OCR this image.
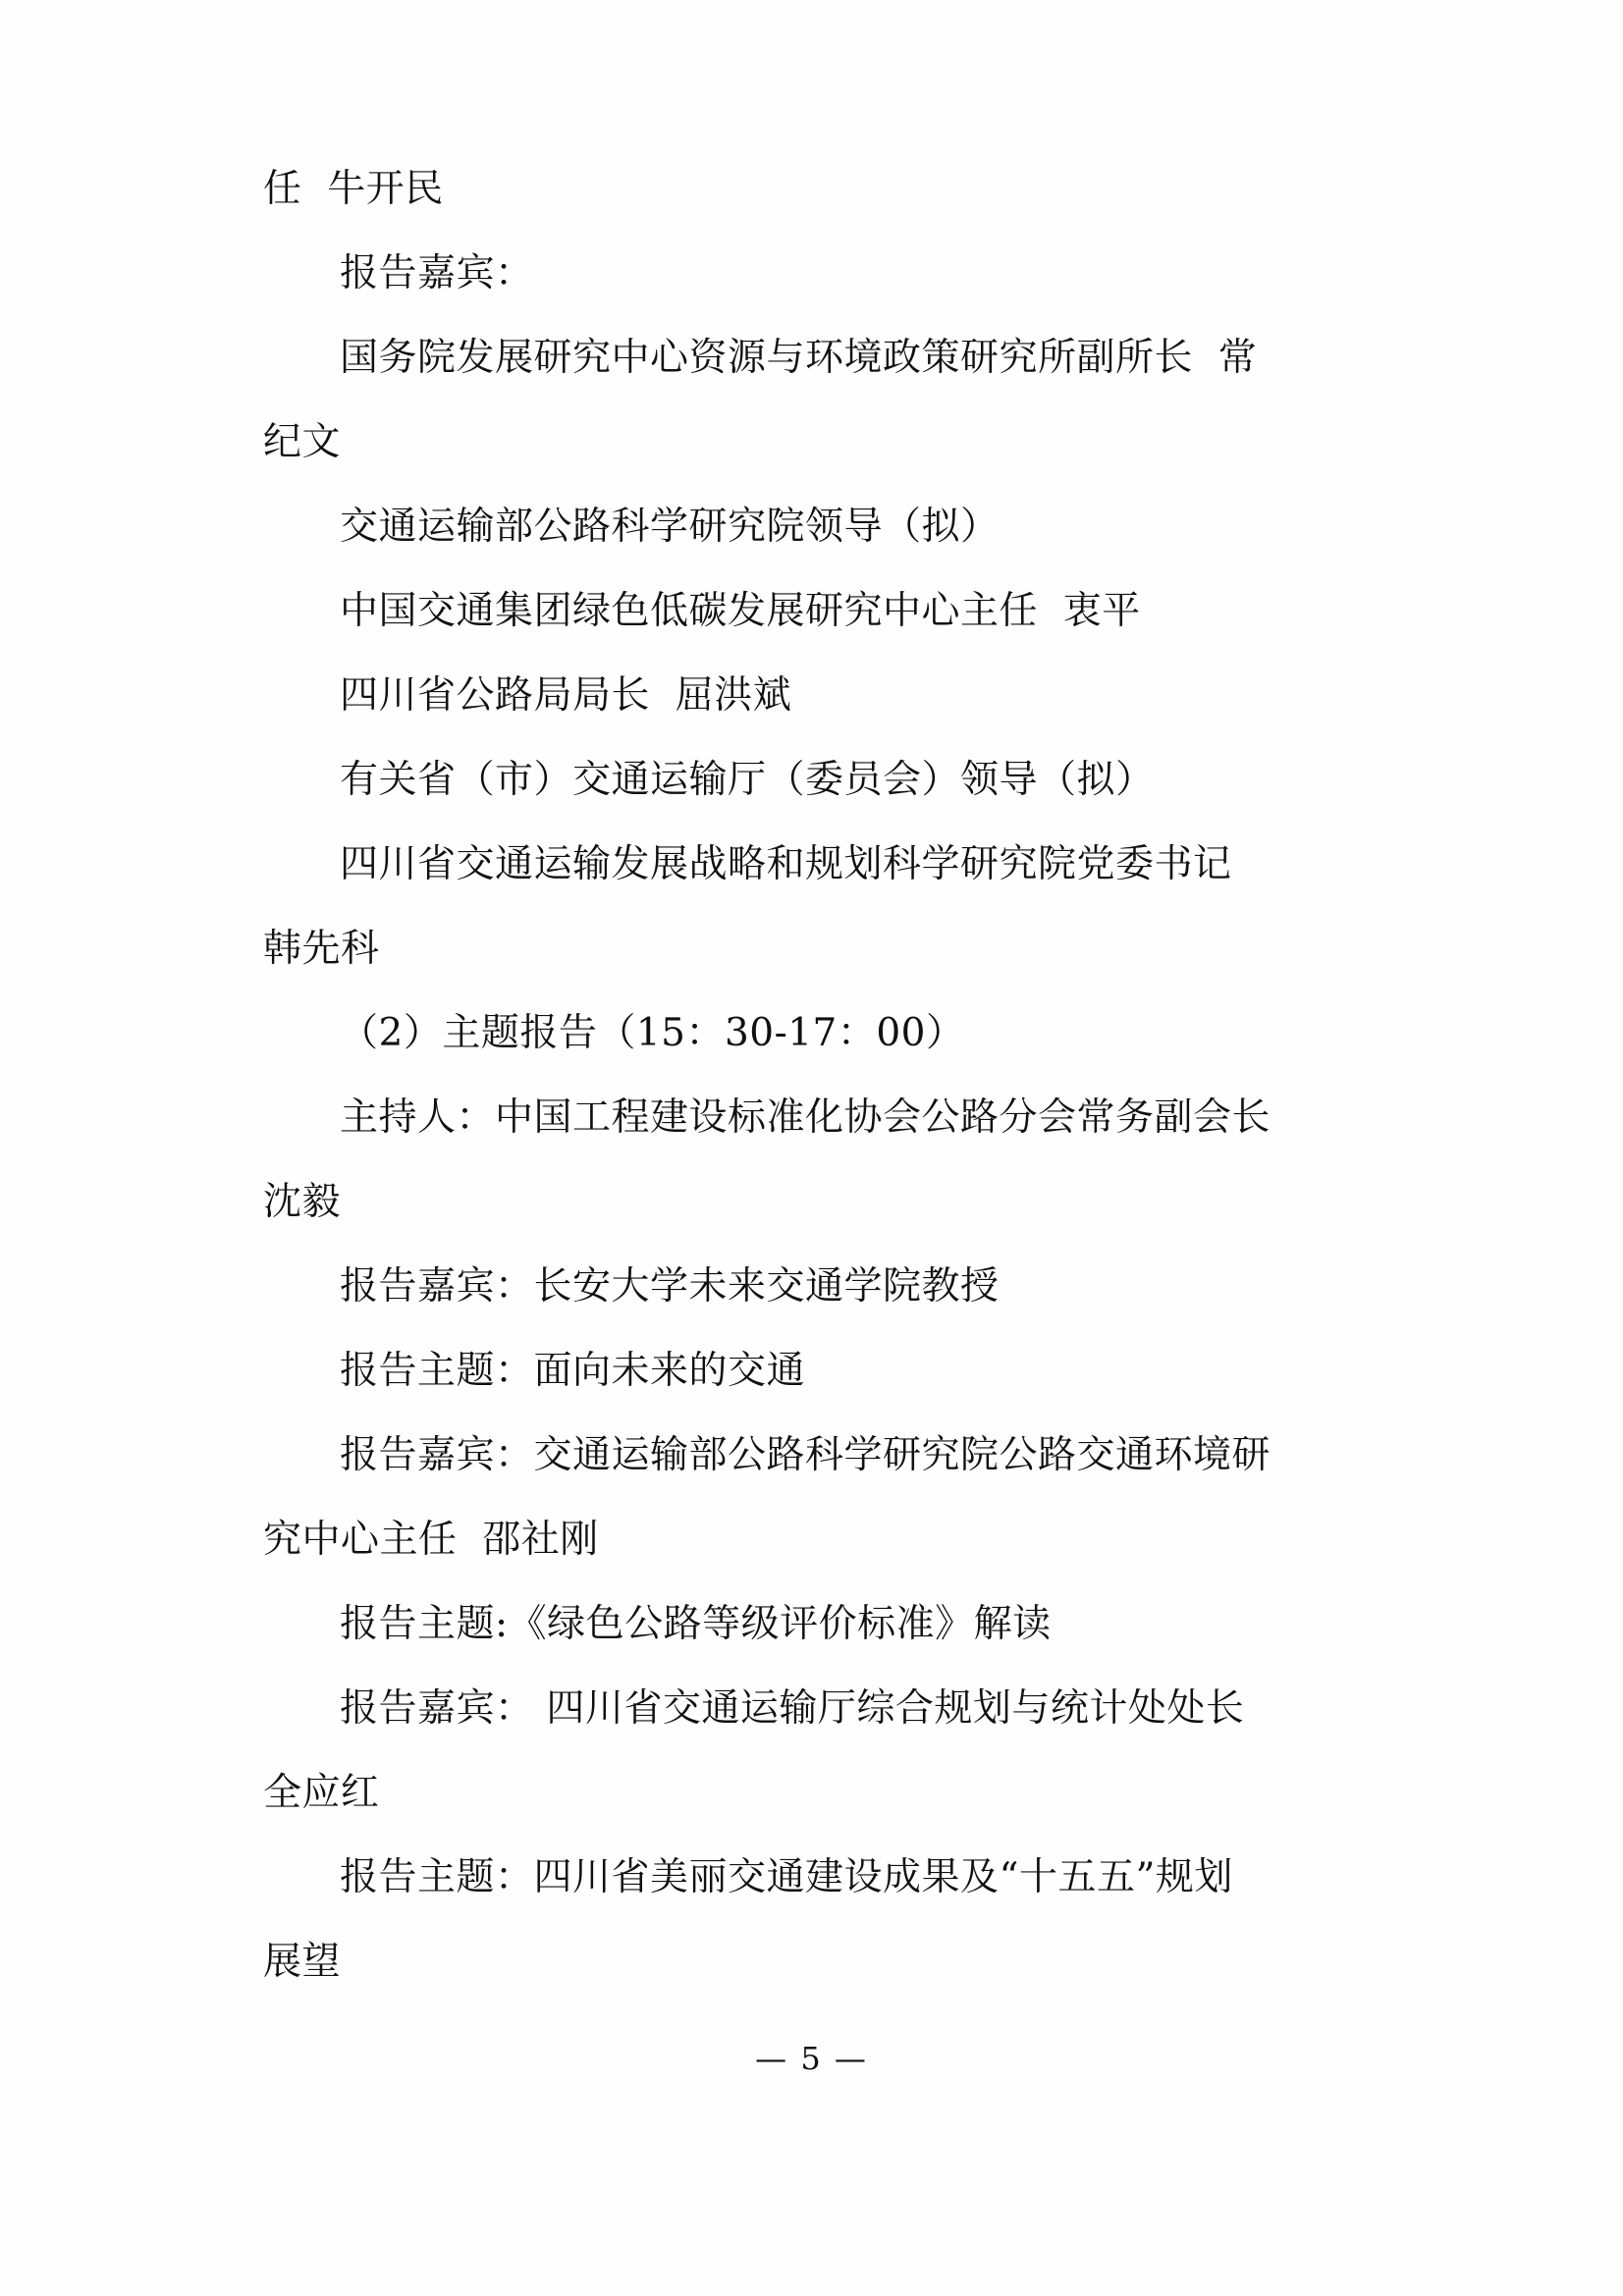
任  牛开民
报告嘉宾：
国务院发展研究中心资源与环境政策研究所副所长  常
纪文
交通运输部公路科学研究院领导（拟）
中国交通集团绿色低碳发展研究中心主任  衷平
四川省公路局局长  屈洪斌
有关省（市）交通运输厅（委员会）领导（拟）
四川省交通运输发展战略和规划科学研究院党委书记
韩先科
（2）主题报告（15：30-17：00）
主持人：中国工程建设标准化协会公路分会常务副会长
沈毅
报告嘉宾：长安大学未来交通学院教授
报告主题：面向未来的交通
报告嘉宾：交通运输部公路科学研究院公路交通环境研
究中心主任  邵社刚
报告主题:《绿色公路等级评价标准》解读
报告嘉宾： 四川省交通运输厅综合规划与统计处处长
全应红
报告主题：四川省美丽交通建设成果及“十五五”规划
展望
— 5 —
